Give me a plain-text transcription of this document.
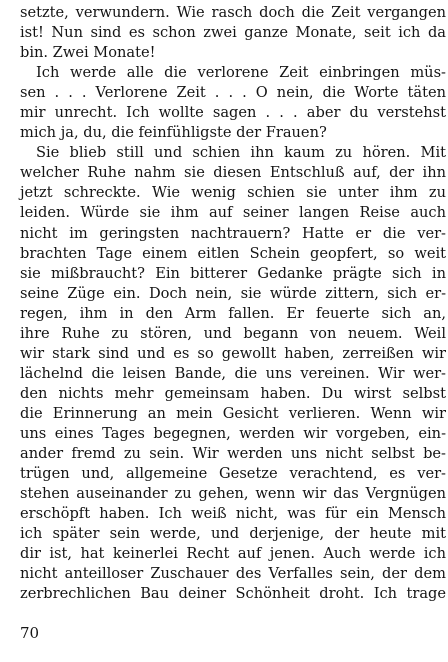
setzte, verwundern. Wie rasch doch die Zeit vergangen
ist! Nun sind es schon zwei ganze Monate, seit ich da
bin. Zwei Monate!
Ich werde alle die verlorene Zeit einbringen müs-
sen . . . Verlorene Zeit . . . O nein, die Worte täten
mir unrecht. Ich wollte sagen . . . aber du verstehst
mich ja, du, die feinfühligste der Frauen?
Sie blieb still und schien ihn kaum zu hören. Mit
welcher Ruhe nahm sie diesen Entschluß auf, der ihn
jetzt schreckte. Wie wenig schien sie unter ihm zu
leiden. Würde sie ihm auf seiner langen Reise auch
nicht im geringsten nachtrauern? Hatte er die ver-
brachten Tage einem eitlen Schein geopfert, so weit
sie mißbraucht? Ein bitterer Gedanke prägte sich in
seine Züge ein. Doch nein, sie würde zittern, sich er-
regen, ihm in den Arm fallen. Er feuerte sich an,
ihre Ruhe zu stören, und begann von neuem. Weil
wir stark sind und es so gewollt haben, zerreißen wir
lächelnd die leisen Bande, die uns vereinen. Wir wer-
den nichts mehr gemeinsam haben. Du wirst selbst
die Erinnerung an mein Gesicht verlieren. Wenn wir
uns eines Tages begegnen, werden wir vorgeben, ein-
ander fremd zu sein. Wir werden uns nicht selbst be-
trügen und, allgemeine Gesetze verachtend, es ver-
stehen auseinander zu gehen, wenn wir das Vergnügen
erschöpft haben. Ich weiß nicht, was für ein Mensch
ich später sein werde, und derjenige, der heute mit
dir ist, hat keinerlei Recht auf jenen. Auch werde ich
nicht anteilloser Zuschauer des Verfalles sein, der dem
zerbrechlichen Bau deiner Schönheit droht. Ich trage
70
